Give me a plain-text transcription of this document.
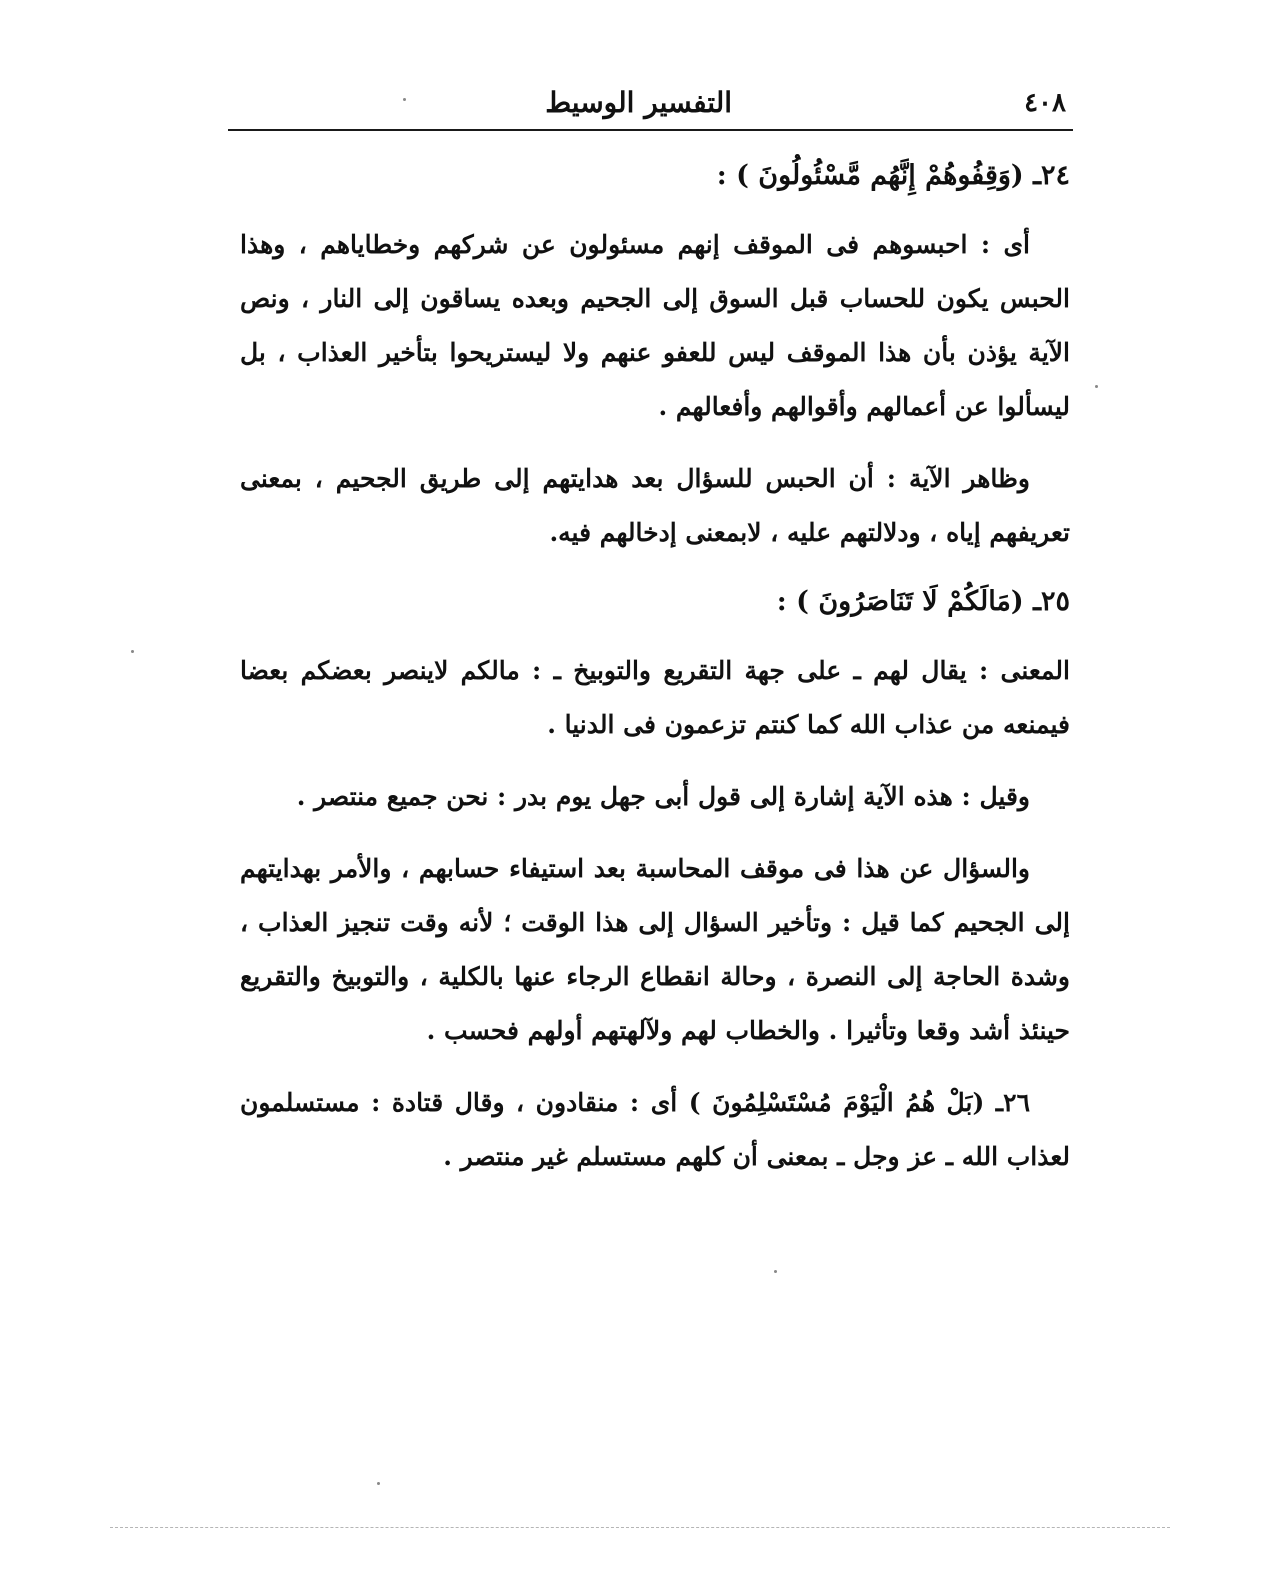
٤٠٨
التفسير الوسيط
٢٤ـ (وَقِفُوهُمْ إِنَّهُم مَّسْئُولُونَ ) :

أى : احبسوهم فى الموقف إنهم مسئولون عن شركهم وخطاياهم ، وهذا الحبس يكون للحساب قبل السوق إلى الجحيم وبعده يساقون إلى النار ، ونص الآية يؤذن بأن هذا الموقف ليس للعفو عنهم ولا ليستريحوا بتأخير العذاب ، بل ليسألوا عن أعمالهم وأقوالهم وأفعالهم .

وظاهر الآية : أن الحبس للسؤال بعد هدايتهم إلى طريق الجحيم ، بمعنى تعريفهم إياه ، ودلالتهم عليه ، لابمعنى إدخالهم فيه.

٢٥ـ (مَالَكُمْ لَا تَنَاصَرُونَ ) :

المعنى : يقال لهم ـ على جهة التقريع والتوبيخ ـ : مالكم لاينصر بعضكم بعضا فيمنعه من عذاب الله كما كنتم تزعمون فى الدنيا .

وقيل : هذه الآية إشارة إلى قول أبى جهل يوم بدر : نحن جميع منتصر .

والسؤال عن هذا فى موقف المحاسبة بعد استيفاء حسابهم ، والأمر بهدايتهم إلى الجحيم كما قيل : وتأخير السؤال إلى هذا الوقت ؛ لأنه وقت تنجيز العذاب ، وشدة الحاجة إلى النصرة ، وحالة انقطاع الرجاء عنها بالكلية ، والتوبيخ والتقريع حينئذ أشد وقعا وتأثيرا . والخطاب لهم ولآلهتهم أولهم فحسب .

٢٦ـ (بَلْ هُمُ الْيَوْمَ مُسْتَسْلِمُونَ ) أى : منقادون ، وقال قتادة : مستسلمون لعذاب الله ـ عز وجل ـ بمعنى أن كلهم مستسلم غير منتصر .
